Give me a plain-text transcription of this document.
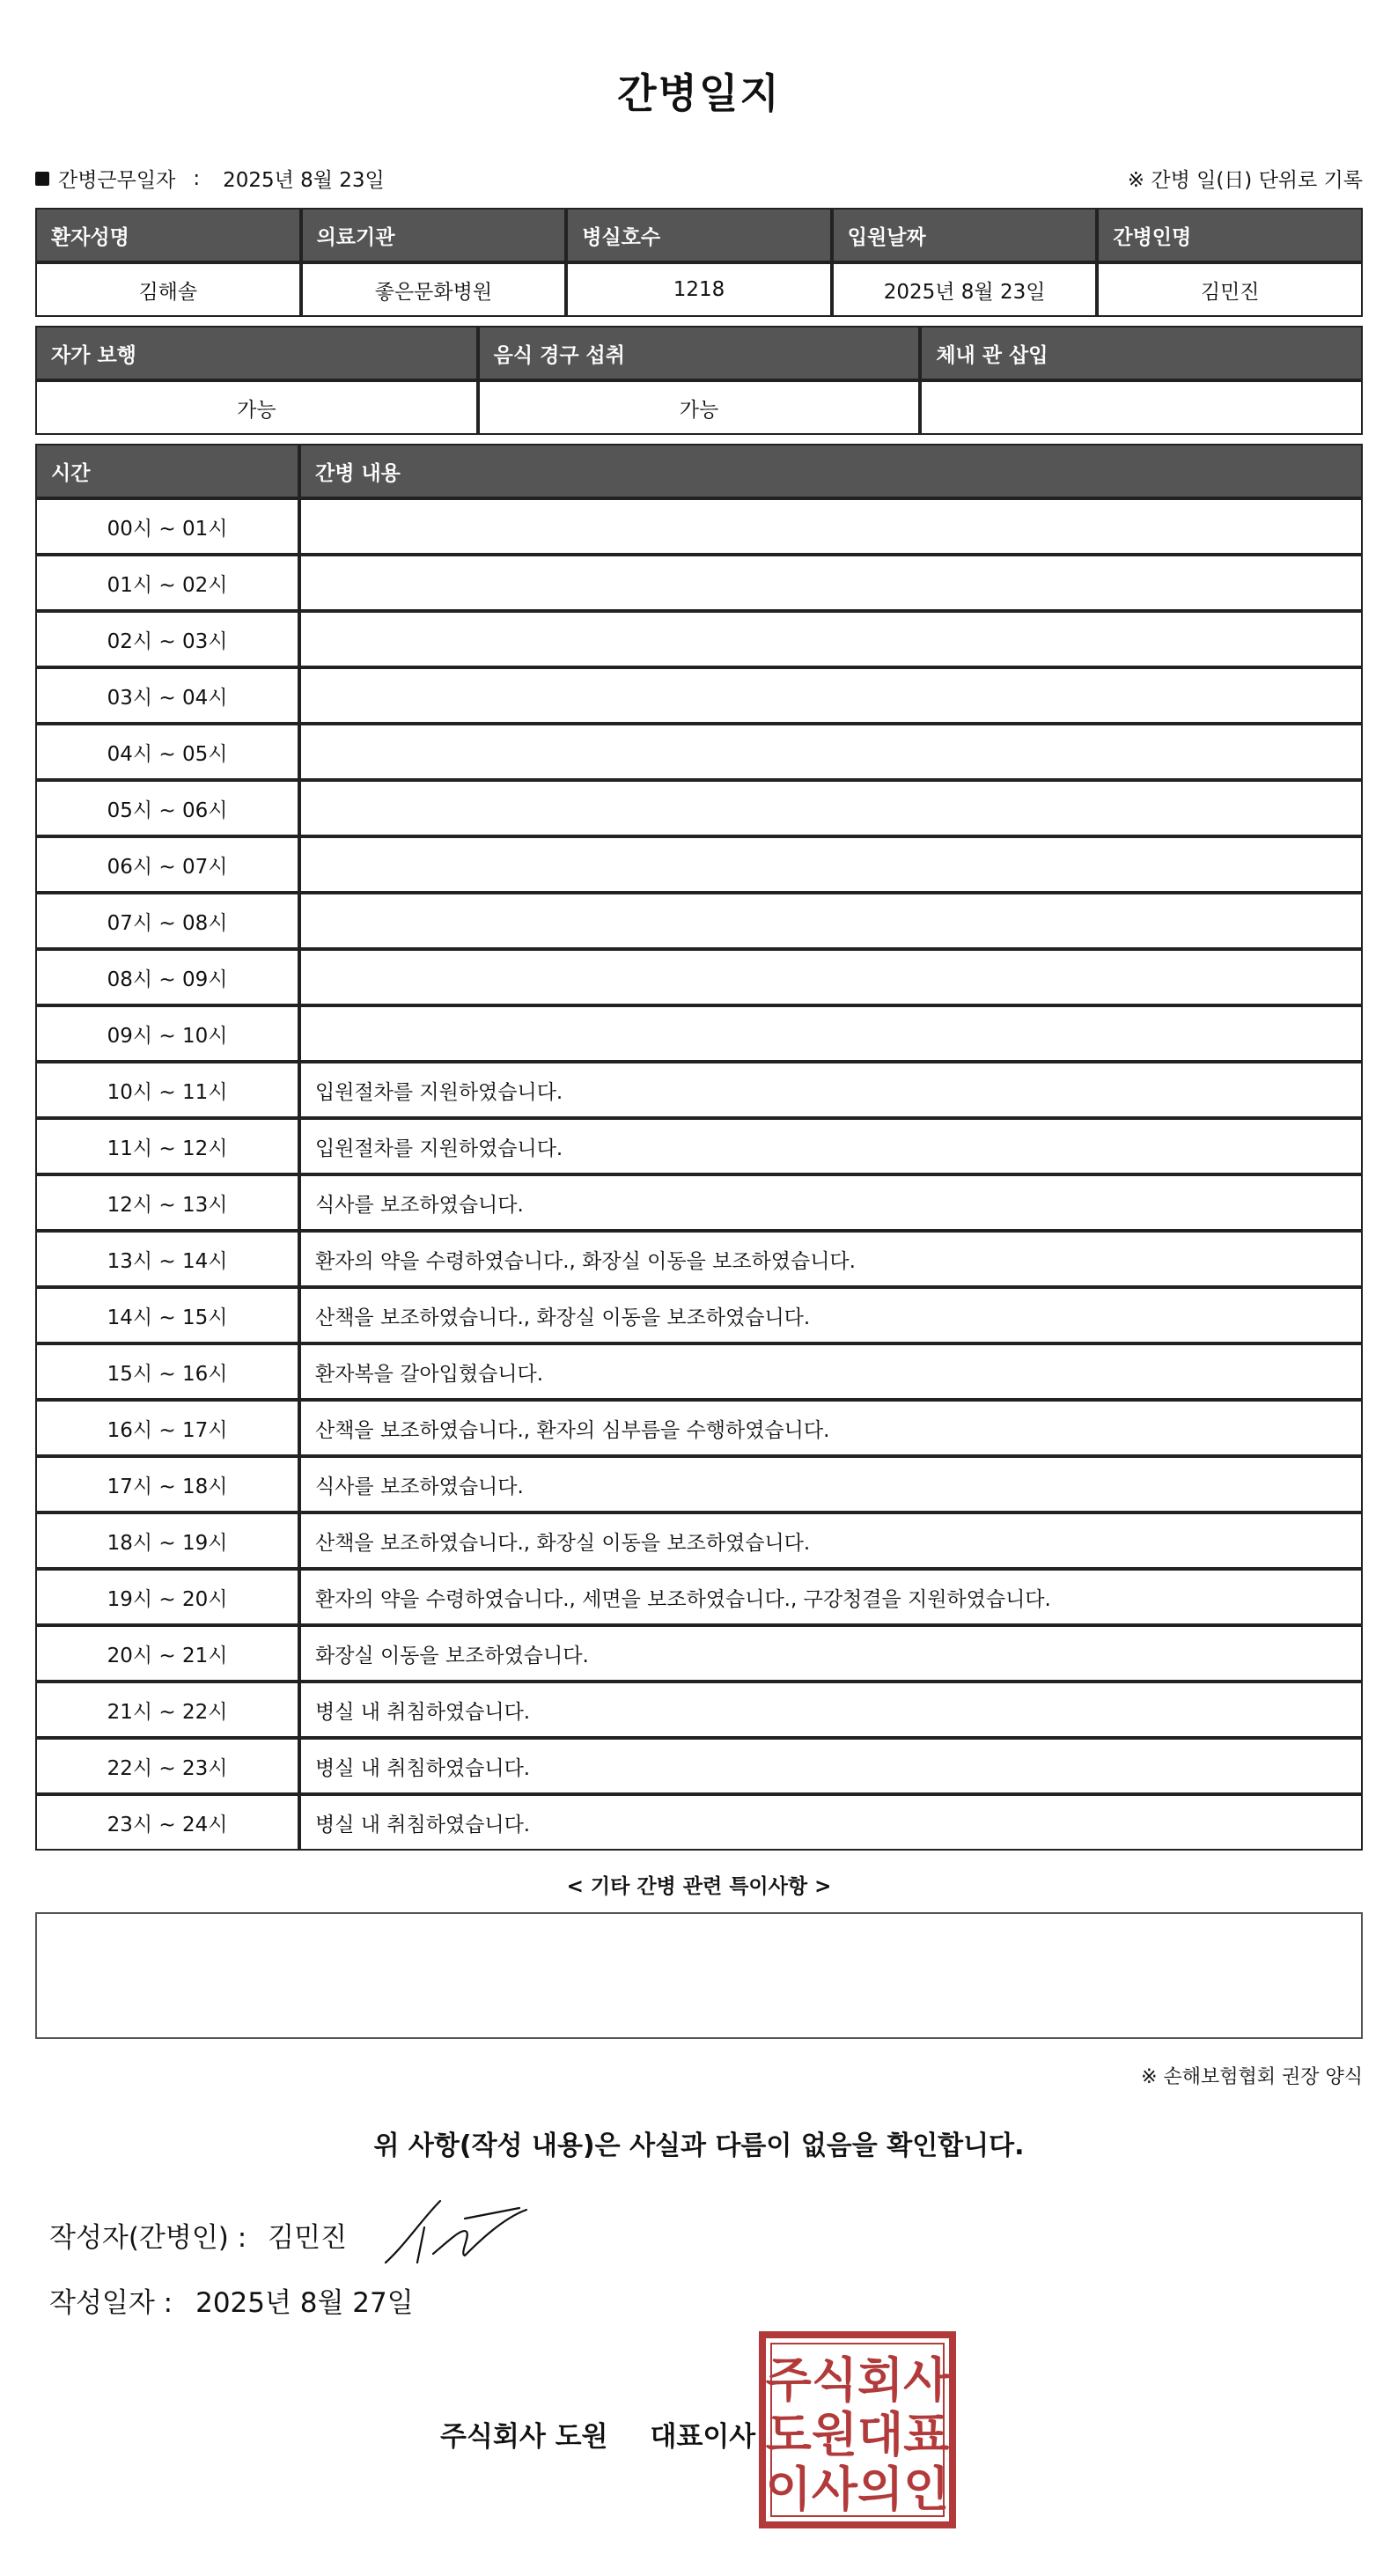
간병일지
간병근무일자 : 2025년 8월 23일	※ 간병 일(日) 단위로 기록
환자성명	의료기관	병실호수	입원날짜	간병인명
김해솔	좋은문화병원	1218	2025년 8월 23일	김민진
자가 보행	음식 경구 섭취	체내 관 삽입
가능	가능	
시간	간병 내용
00시 ~ 01시	
01시 ~ 02시	
02시 ~ 03시	
03시 ~ 04시	
04시 ~ 05시	
05시 ~ 06시	
06시 ~ 07시	
07시 ~ 08시	
08시 ~ 09시	
09시 ~ 10시	
10시 ~ 11시	입원절차를 지원하였습니다.
11시 ~ 12시	입원절차를 지원하였습니다.
12시 ~ 13시	식사를 보조하였습니다.
13시 ~ 14시	환자의 약을 수령하였습니다., 화장실 이동을 보조하였습니다.
14시 ~ 15시	산책을 보조하였습니다., 화장실 이동을 보조하였습니다.
15시 ~ 16시	환자복을 갈아입혔습니다.
16시 ~ 17시	산책을 보조하였습니다., 환자의 심부름을 수행하였습니다.
17시 ~ 18시	식사를 보조하였습니다.
18시 ~ 19시	산책을 보조하였습니다., 화장실 이동을 보조하였습니다.
19시 ~ 20시	환자의 약을 수령하였습니다., 세면을 보조하였습니다., 구강청결을 지원하였습니다.
20시 ~ 21시	화장실 이동을 보조하였습니다.
21시 ~ 22시	병실 내 취침하였습니다.
22시 ~ 23시	병실 내 취침하였습니다.
23시 ~ 24시	병실 내 취침하였습니다.
< 기타 간병 관련 특이사항 >
※ 손해보험협회 권장 양식
위 사항(작성 내용)은 사실과 다름이 없음을 확인합니다.
작성자(간병인) : 김민진
작성일자 : 2025년 8월 27일
주식회사 도원 대표이사
주식회사
도원대표
이사의인
